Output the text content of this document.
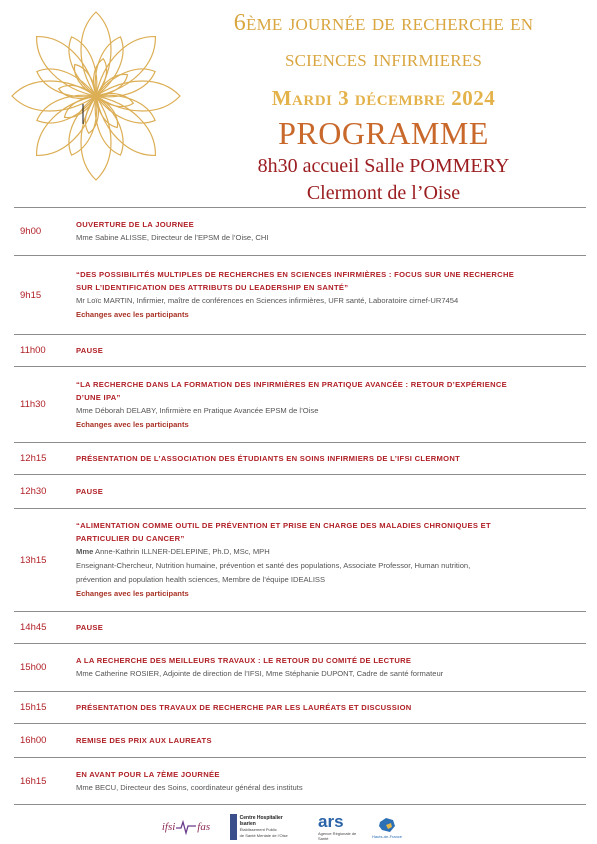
6ème journée de recherche en
sciences infirmieres
Mardi 3 décembre 2024
PROGRAMME
8h30 accueil Salle POMMERY
Clermont de l’Oise
9h00
OUVERTURE DE LA JOURNEE
Mme Sabine ALISSE, Directeur de l’EPSM de l’Oise, CHI
9h15
“DES POSSIBILITÉS MULTIPLES DE RECHERCHES EN SCIENCES INFIRMIÈRES : FOCUS SUR UNE RECHERCHE
SUR L’IDENTIFICATION DES ATTRIBUTS DU LEADERSHIP EN SANTÉ”
Mr Loïc MARTIN, Infirmier, maître de conférences en Sciences infirmières, UFR santé, Laboratoire cirnef-UR7454
Echanges avec les participants
11h00	PAUSE
11h30
“LA RECHERCHE DANS LA FORMATION DES INFIRMIÈRES EN PRATIQUE AVANCÉE : RETOUR D’EXPÉRIENCE
D’UNE IPA”
Mme Déborah DELABY, Infirmière en Pratique Avancée EPSM de l’Oise
Echanges avec les participants
12h15	PRÉSENTATION DE L’ASSOCIATION DES ÉTUDIANTS EN SOINS INFIRMIERS DE L’IFSI CLERMONT
12h30	PAUSE
13h15
“ALIMENTATION COMME OUTIL DE PRÉVENTION ET PRISE EN CHARGE DES MALADIES CHRONIQUES ET
PARTICULIER DU CANCER”
Mme Anne-Kathrin ILLNER-DELEPINE, Ph.D, MSc, MPH
Enseignant-Chercheur, Nutrition humaine, prévention et santé des populations, Associate Professor, Human nutrition,
prévention and population health sciences, Membre de l’équipe IDEALISS
Echanges avec les participants
14h45	PAUSE
15h00
A LA RECHERCHE DES MEILLEURS TRAVAUX : LE RETOUR DU COMITÉ DE LECTURE
Mme Catherine ROSIER, Adjointe de direction de l’IFSI, Mme Stéphanie DUPONT, Cadre de santé formateur
15h15	PRÉSENTATION DES TRAVAUX DE RECHERCHE PAR LES LAURÉATS ET DISCUSSION
16h00	REMISE DES PRIX AUX LAUREATS
16h15
EN AVANT POUR LA 7ÈME JOURNÉE
Mme BECU, Directeur des Soins, coordinateur général des instituts
ifsi fas
Centre Hospitalier Isarien
Établissement Public
de Santé Mentale de l’Oise
ars
Agence Régionale de Santé	Hauts-de-France
